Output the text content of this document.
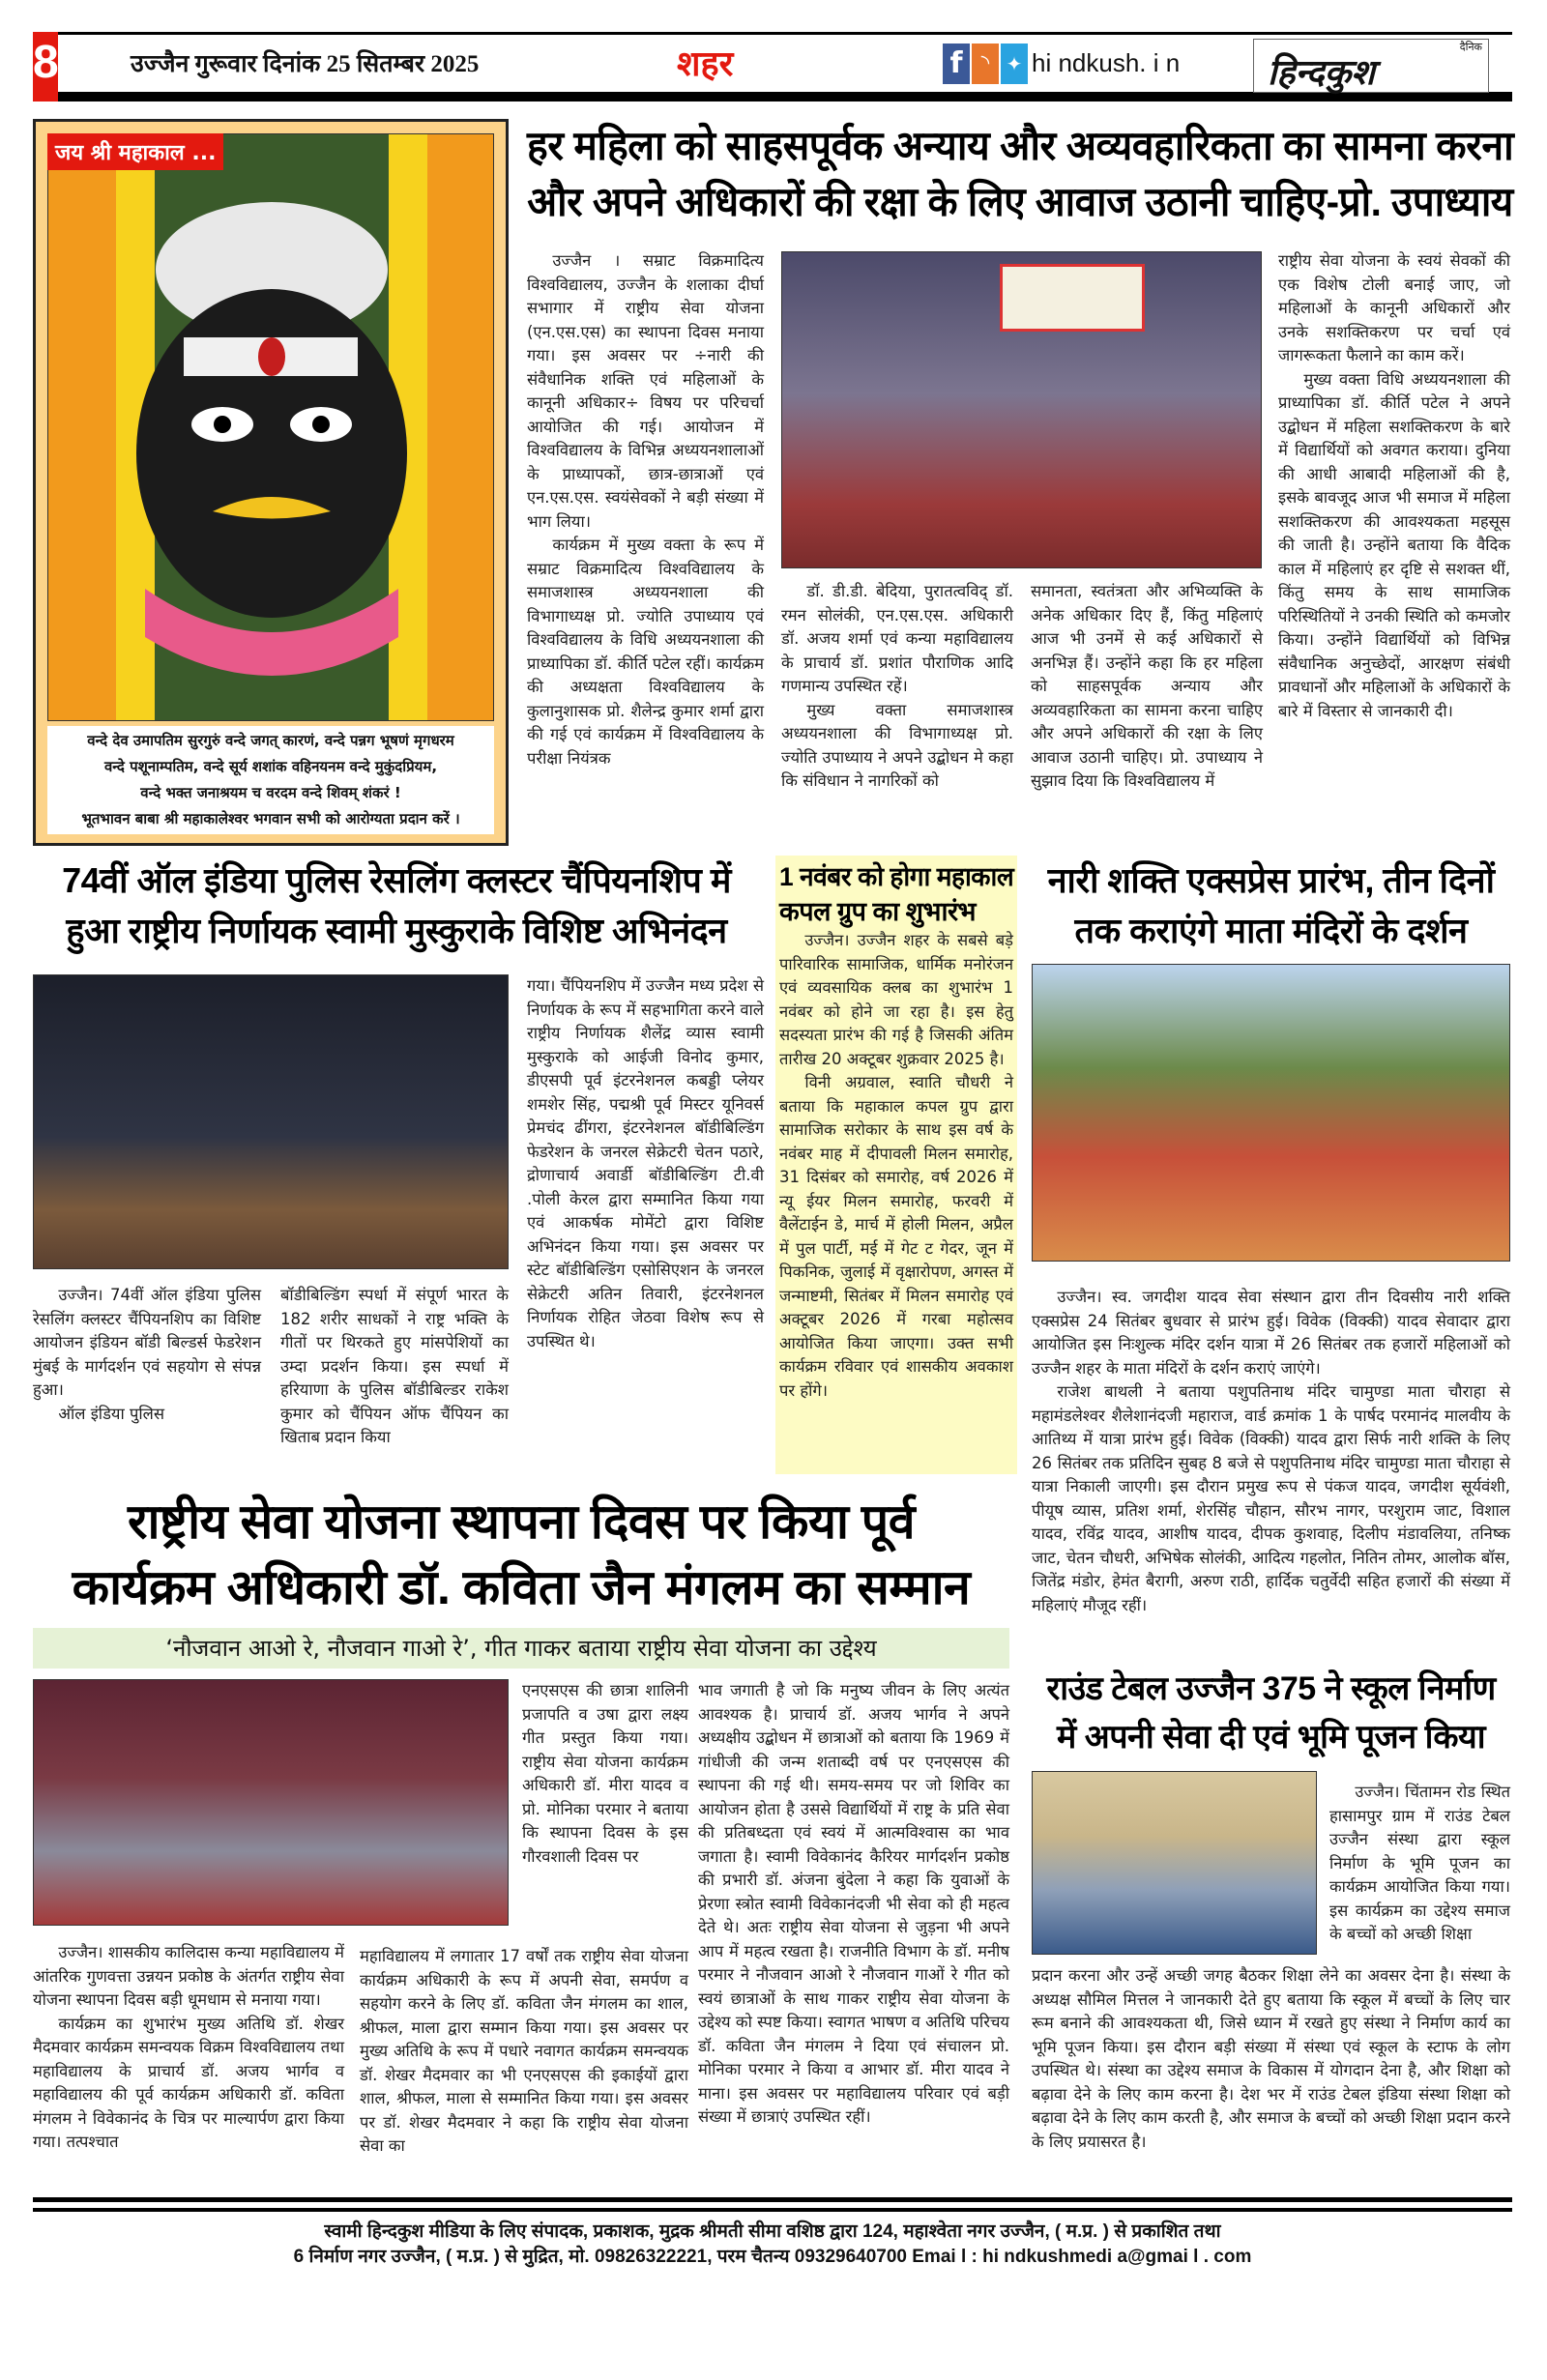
8	उज्जैन गुरूवार दिनांक 25 सितम्बर 2025	शहर	f ◝ ✦ hi ndkush. i n
दैनिक
हिन्दकुश
जय श्री महाकाल ...
वन्दे देव उमापतिम सुरगुरुं वन्दे जगत् कारणं, वन्दे पन्नग भूषणं मृगधरम
वन्दे पशूनाम्पतिम, वन्दे सूर्य शशांक वहिनयनम वन्दे मुकुंदप्रियम,
वन्दे भक्त जनाश्रयम च वरदम वन्दे शिवम् शंकरं !
भूतभावन बाबा श्री महाकालेश्वर भगवान सभी को आरोग्यता प्रदान करें ।
हर महिला को साहसपूर्वक अन्याय और अव्यवहारिकता का सामना करना
और अपने अधिकारों की रक्षा के लिए आवाज उठानी चाहिए-प्रो. उपाध्याय

उज्जैन । सम्राट विक्रमादित्य विश्वविद्यालय, उज्जैन के शलाका दीर्घा सभागार में राष्ट्रीय सेवा योजना (एन.एस.एस) का स्थापना दिवस मनाया गया। इस अवसर पर ÷नारी की संवैधानिक शक्ति एवं महिलाओं के कानूनी अधिकार÷ विषय पर परिचर्चा आयोजित की गई। आयोजन में विश्वविद्यालय के विभिन्न अध्ययनशालाओं के प्राध्यापकों, छात्र-छात्राओं एवं एन.एस.एस. स्वयंसेवकों ने बड़ी संख्या में भाग लिया।

कार्यक्रम में मुख्य वक्ता के रूप में सम्राट विक्रमादित्य विश्वविद्यालय के समाजशास्त्र अध्ययनशाला की विभागाध्यक्ष प्रो. ज्योति उपाध्याय एवं विश्वविद्यालय के विधि अध्ययनशाला की प्राध्यापिका डॉ. कीर्ति पटेल रहीं। कार्यक्रम की अध्यक्षता विश्वविद्यालय के कुलानुशासक प्रो. शैलेन्द्र कुमार शर्मा द्वारा की गई एवं कार्यक्रम में विश्वविद्यालय के परीक्षा नियंत्रक

डॉ. डी.डी. बेदिया, पुरातत्वविद् डॉ. रमन सोलंकी, एन.एस.एस. अधिकारी डॉ. अजय शर्मा एवं कन्या महाविद्यालय के प्राचार्य डॉ. प्रशांत पौराणिक आदि गणमान्य उपस्थित रहें।

मुख्य वक्ता समाजशास्त्र अध्ययनशाला की विभागाध्यक्ष प्रो. ज्योति उपाध्याय ने अपने उद्बोधन मे कहा कि संविधान ने नागरिकों को

समानता, स्वतंत्रता और अभिव्यक्ति के अनेक अधिकार दिए हैं, किंतु महिलाएं आज भी उनमें से कई अधिकारों से अनभिज्ञ हैं। उन्होंने कहा कि हर महिला को साहसपूर्वक अन्याय और अव्यवहारिकता का सामना करना चाहिए और अपने अधिकारों की रक्षा के लिए आवाज उठानी चाहिए। प्रो. उपाध्याय ने सुझाव दिया कि विश्वविद्यालय में

राष्ट्रीय सेवा योजना के स्वयं सेवकों की एक विशेष टोली बनाई जाए, जो महिलाओं के कानूनी अधिकारों और उनके सशक्तिकरण पर चर्चा एवं जागरूकता फैलाने का काम करें।

मुख्य वक्ता विधि अध्ययनशाला की प्राध्यापिका डॉ. कीर्ति पटेल ने अपने उद्बोधन में महिला सशक्तिकरण के बारे में विद्यार्थियों को अवगत कराया। दुनिया की आधी आबादी महिलाओं की है, इसके बावजूद आज भी समाज में महिला सशक्तिकरण की आवश्यकता महसूस की जाती है। उन्होंने बताया कि वैदिक काल में महिलाएं हर दृष्टि से सशक्त थीं, किंतु समय के साथ सामाजिक परिस्थितियों ने उनकी स्थिति को कमजोर किया। उन्होंने विद्यार्थियों को विभिन्न संवैधानिक अनुच्छेदों, आरक्षण संबंधी प्रावधानों और महिलाओं के अधिकारों के बारे में विस्तार से जानकारी दी।

74वीं ऑल इंडिया पुलिस रेसलिंग क्लस्टर चैंपियनशिप में
हुआ राष्ट्रीय निर्णायक स्वामी मुस्कुराके विशिष्ट अभिनंदन

उज्जैन। 74वीं ऑल इंडिया पुलिस रेसलिंग क्लस्टर चैंपियनशिप का विशिष्ट आयोजन इंडियन बॉडी बिल्डर्स फेडरेशन मुंबई के मार्गदर्शन एवं सहयोग से संपन्न हुआ।

ऑल इंडिया पुलिस

बॉडीबिल्डिंग स्पर्धा में संपूर्ण भारत के 182 शरीर साधकों ने राष्ट्र भक्ति के गीतों पर थिरकते हुए मांसपेशियों का उम्दा प्रदर्शन किया। इस स्पर्धा में हरियाणा के पुलिस बॉडीबिल्डर राकेश कुमार को चैंपियन ऑफ चैंपियन का खिताब प्रदान किया

गया। चैंपियनशिप में उज्जैन मध्य प्रदेश से निर्णायक के रूप में सहभागिता करने वाले राष्ट्रीय निर्णायक शैलेंद्र व्यास स्वामी मुस्कुराके को आईजी विनोद कुमार, डीएसपी पूर्व इंटरनेशनल कबड्डी प्लेयर शमशेर सिंह, पद्मश्री पूर्व मिस्टर यूनिवर्स प्रेमचंद ढींगरा, इंटरनेशनल बॉडीबिल्डिंग फेडरेशन के जनरल सेक्रेटरी चेतन पठारे, द्रोणाचार्य अवार्डी बॉडीबिल्डिंग टी.वी .पोली केरल द्वारा सम्मानित किया गया एवं आकर्षक मोमेंटो द्वारा विशिष्ट अभिनंदन किया गया। इस अवसर पर स्टेट बॉडीबिल्डिंग एसोसिएशन के जनरल सेक्रेटरी अतिन तिवारी, इंटरनेशनल निर्णायक रोहित जेठवा विशेष रूप से उपस्थित थे।

1 नवंबर को होगा महाकाल
कपल ग्रुप का शुभारंभ

उज्जैन। उज्जैन शहर के सबसे बड़े पारिवारिक सामाजिक, धार्मिक मनोरंजन एवं व्यवसायिक क्लब का शुभारंभ 1 नवंबर को होने जा रहा है। इस हेतु सदस्यता प्रारंभ की गई है जिसकी अंतिम तारीख 20 अक्टूबर शुक्रवार 2025 है।

विनी अग्रवाल, स्वाति चौधरी ने बताया कि महाकाल कपल ग्रुप द्वारा सामाजिक सरोकार के साथ इस वर्ष के नवंबर माह में दीपावली मिलन समारोह, 31 दिसंबर को समारोह, वर्ष 2026 में न्यू ईयर मिलन समारोह, फरवरी में वैलेंटाईन डे, मार्च में होली मिलन, अप्रैल में पुल पार्टी, मई में गेट ट गेदर, जून में पिकनिक, जुलाई में वृक्षारोपण, अगस्त में जन्माष्टमी, सितंबर में मिलन समारोह एवं अक्टूबर 2026 में गरबा महोत्सव आयोजित किया जाएगा। उक्त सभी कार्यक्रम रविवार एवं शासकीय अवकाश पर होंगे।

नारी शक्ति एक्सप्रेस प्रारंभ, तीन दिनों
तक कराएंगे माता मंदिरों के दर्शन

उज्जैन। स्व. जगदीश यादव सेवा संस्थान द्वारा तीन दिवसीय नारी शक्ति एक्सप्रेस 24 सितंबर बुधवार से प्रारंभ हुई। विवेक (विक्की) यादव सेवादार द्वारा आयोजित इस निःशुल्क मंदिर दर्शन यात्रा में 26 सितंबर तक हजारों महिलाओं को उज्जैन शहर के माता मंदिरों के दर्शन कराएं जाएंगे।

राजेश बाथली ने बताया पशुपतिनाथ मंदिर चामुण्डा माता चौराहा से महामंडलेश्वर शैलेशानंदजी महाराज, वार्ड क्रमांक 1 के पार्षद परमानंद मालवीय के आतिथ्य में यात्रा प्रारंभ हुई। विवेक (विक्की) यादव द्वारा सिर्फ नारी शक्ति के लिए 26 सितंबर तक प्रतिदिन सुबह 8 बजे से पशुपतिनाथ मंदिर चामुण्डा माता चौराहा से यात्रा निकाली जाएगी। इस दौरान प्रमुख रूप से पंकज यादव, जगदीश सूर्यवंशी, पीयूष व्यास, प्रतिश शर्मा, शेरसिंह चौहान, सौरभ नागर, परशुराम जाट, विशाल यादव, रविंद्र यादव, आशीष यादव, दीपक कुशवाह, दिलीप मंडावलिया, तनिष्क जाट, चेतन चौधरी, अभिषेक सोलंकी, आदित्य गहलोत, नितिन तोमर, आलोक बॉस, जितेंद्र मंडोर, हेमंत बैरागी, अरुण राठी, हार्दिक चतुर्वेदी सहित हजारों की संख्या में महिलाएं मौजूद रहीं।

राष्ट्रीय सेवा योजना स्थापना दिवस पर किया पूर्व
कार्यक्रम अधिकारी डॉ. कविता जैन मंगलम का सम्मान
‘नौजवान आओ रे, नौजवान गाओ रे’, गीत गाकर बताया राष्ट्रीय सेवा योजना का उद्देश्य

एनएसएस की छात्रा शालिनी प्रजापति व उषा द्वारा लक्ष्य गीत प्रस्तुत किया गया। राष्ट्रीय सेवा योजना कार्यक्रम अधिकारी डॉ. मीरा यादव व प्रो. मोनिका परमार ने बताया कि स्थापना दिवस के इस गौरवशाली दिवस पर

महाविद्यालय में लगातार 17 वर्षों तक राष्ट्रीय सेवा योजना कार्यक्रम अधिकारी के रूप में अपनी सेवा, समर्पण व सहयोग करने के लिए डॉ. कविता जैन मंगलम का शाल, श्रीफल, माला द्वारा सम्मान किया गया। इस अवसर पर मुख्य अतिथि के रूप में पधारे नवागत कार्यक्रम समन्वयक डॉ. शेखर मैदमवार का भी एनएसएस की इकाईयों द्वारा शाल, श्रीफल, माला से सम्मानित किया गया। इस अवसर पर डॉ. शेखर मैदमवार ने कहा कि राष्ट्रीय सेवा योजना सेवा का

उज्जैन। शासकीय कालिदास कन्या महाविद्यालय में आंतरिक गुणवत्ता उन्नयन प्रकोष्ठ के अंतर्गत राष्ट्रीय सेवा योजना स्थापना दिवस बड़ी धूमधाम से मनाया गया।

कार्यक्रम का शुभारंभ मुख्य अतिथि डॉ. शेखर मैदमवार कार्यक्रम समन्वयक विक्रम विश्वविद्यालय तथा महाविद्यालय के प्राचार्य डॉ. अजय भार्गव व महाविद्यालय की पूर्व कार्यक्रम अधिकारी डॉ. कविता मंगलम ने विवेकानंद के चित्र पर माल्यार्पण द्वारा किया गया। तत्पश्चात

भाव जगाती है जो कि मनुष्य जीवन के लिए अत्यंत आवश्यक है। प्राचार्य डॉ. अजय भार्गव ने अपने अध्यक्षीय उद्बोधन में छात्राओं को बताया कि 1969 में गांधीजी की जन्म शताब्दी वर्ष पर एनएसएस की स्थापना की गई थी। समय-समय पर जो शिविर का आयोजन होता है उससे विद्यार्थियों में राष्ट्र के प्रति सेवा की प्रतिबध्दता एवं स्वयं में आत्मविश्वास का भाव जगाता है। स्वामी विवेकानंद कैरियर मार्गदर्शन प्रकोष्ठ की प्रभारी डॉ. अंजना बुंदेला ने कहा कि युवाओं के प्रेरणा स्त्रोत स्वामी विवेकानंदजी भी सेवा को ही महत्व देते थे। अतः राष्ट्रीय सेवा योजना से जुड़ना भी अपने आप में महत्व रखता है। राजनीति विभाग के डॉ. मनीष परमार ने नौजवान आओ रे नौजवान गाओं रे गीत को स्वयं छात्राओं के साथ गाकर राष्ट्रीय सेवा योजना के उद्देश्य को स्पष्ट किया। स्वागत भाषण व अतिथि परिचय डॉ. कविता जैन मंगलम ने दिया एवं संचालन प्रो. मोनिका परमार ने किया व आभार डॉ. मीरा यादव ने माना। इस अवसर पर महाविद्यालय परिवार एवं बड़ी संख्या में छात्राएं उपस्थित रहीं।

राउंड टेबल उज्जैन 375 ने स्कूल निर्माण
में अपनी सेवा दी एवं भूमि पूजन किया

उज्जैन। चिंतामन रोड स्थित हासामपुर ग्राम में राउंड टेबल उज्जैन संस्था द्वारा स्कूल निर्माण के भूमि पूजन का कार्यक्रम आयोजित किया गया। इस कार्यक्रम का उद्देश्य समाज के बच्चों को अच्छी शिक्षा

प्रदान करना और उन्हें अच्छी जगह बैठकर शिक्षा लेने का अवसर देना है। संस्था के अध्यक्ष सौमिल मित्तल ने जानकारी देते हुए बताया कि स्कूल में बच्चों के लिए चार रूम बनाने की आवश्यकता थी, जिसे ध्यान में रखते हुए संस्था ने निर्माण कार्य का भूमि पूजन किया। इस दौरान बड़ी संख्या में संस्था एवं स्कूल के स्टाफ के लोग उपस्थित थे। संस्था का उद्देश्य समाज के विकास में योगदान देना है, और शिक्षा को बढ़ावा देने के लिए काम करना है। देश भर में राउंड टेबल इंडिया संस्था शिक्षा को बढ़ावा देने के लिए काम करती है, और समाज के बच्चों को अच्छी शिक्षा प्रदान करने के लिए प्रयासरत है।

स्वामी हिन्दकुश मीडिया के लिए संपादक, प्रकाशक, मुद्रक श्रीमती सीमा वशिष्ठ द्वारा 124, महाश्वेता नगर उज्जैन, ( म.प्र. ) से प्रकाशित तथा
6 निर्माण नगर उज्जैन, ( म.प्र. ) से मुद्रित, मो. 09826322221, परम चैतन्य 09329640700 Emai l : hi ndkushmedi a@gmai l . com
